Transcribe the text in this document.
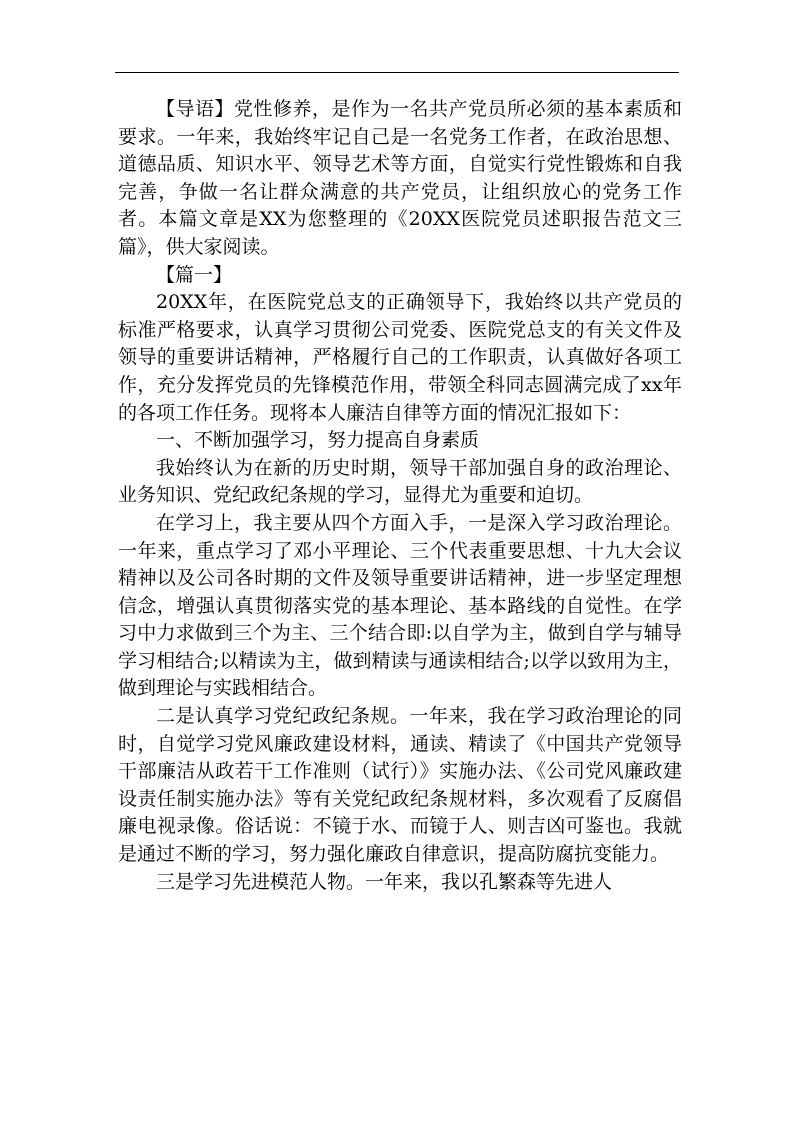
【导语】党性修养，是作为一名共产党员所必须的基本素质和要求。一年来，我始终牢记自己是一名党务工作者，在政治思想、道德品质、知识水平、领导艺术等方面，自觉实行党性锻炼和自我完善，争做一名让群众满意的共产党员，让组织放心的党务工作者。本篇文章是XX为您整理的《20XX医院党员述职报告范文三篇》，供大家阅读。

【篇一】

20XX年，在医院党总支的正确领导下，我始终以共产党员的标准严格要求，认真学习贯彻公司党委、医院党总支的有关文件及领导的重要讲话精神，严格履行自己的工作职责，认真做好各项工作，充分发挥党员的先锋模范作用，带领全科同志圆满完成了xx年的各项工作任务。现将本人廉洁自律等方面的情况汇报如下：

一、不断加强学习，努力提高自身素质

我始终认为在新的历史时期，领导干部加强自身的政治理论、业务知识、党纪政纪条规的学习，显得尤为重要和迫切。

在学习上，我主要从四个方面入手，一是深入学习政治理论。一年来，重点学习了邓小平理论、三个代表重要思想、十九大会议精神以及公司各时期的文件及领导重要讲话精神，进一步坚定理想信念，增强认真贯彻落实党的基本理论、基本路线的自觉性。在学习中力求做到三个为主、三个结合即:以自学为主，做到自学与辅导学习相结合;以精读为主，做到精读与通读相结合;以学以致用为主，做到理论与实践相结合。

二是认真学习党纪政纪条规。一年来，我在学习政治理论的同时，自觉学习党风廉政建设材料，通读、精读了《中国共产党领导干部廉洁从政若干工作准则（试行）》实施办法、《公司党风廉政建设责任制实施办法》等有关党纪政纪条规材料，多次观看了反腐倡廉电视录像。俗话说：不镜于水、而镜于人、则吉凶可鉴也。我就是通过不断的学习，努力强化廉政自律意识，提高防腐抗变能力。

三是学习先进模范人物。一年来，我以孔繁森等先进人
